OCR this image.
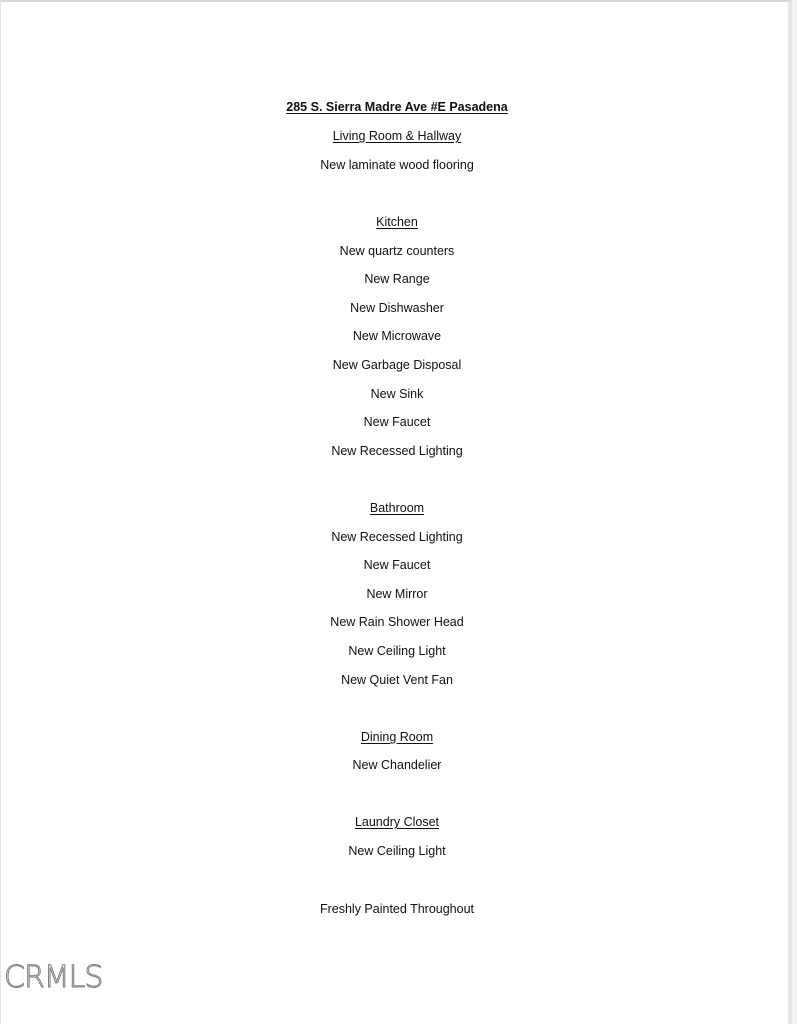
285 S. Sierra Madre Ave #E Pasadena
Living Room & Hallway
New laminate wood flooring
Kitchen
New quartz counters
New Range
New Dishwasher
New Microwave
New Garbage Disposal
New Sink
New Faucet
New Recessed Lighting
Bathroom
New Recessed Lighting
New Faucet
New Mirror
New Rain Shower Head
New Ceiling Light
New Quiet Vent Fan
Dining Room
New Chandelier
Laundry Closet
New Ceiling Light
Freshly Painted Throughout
CRMLS
